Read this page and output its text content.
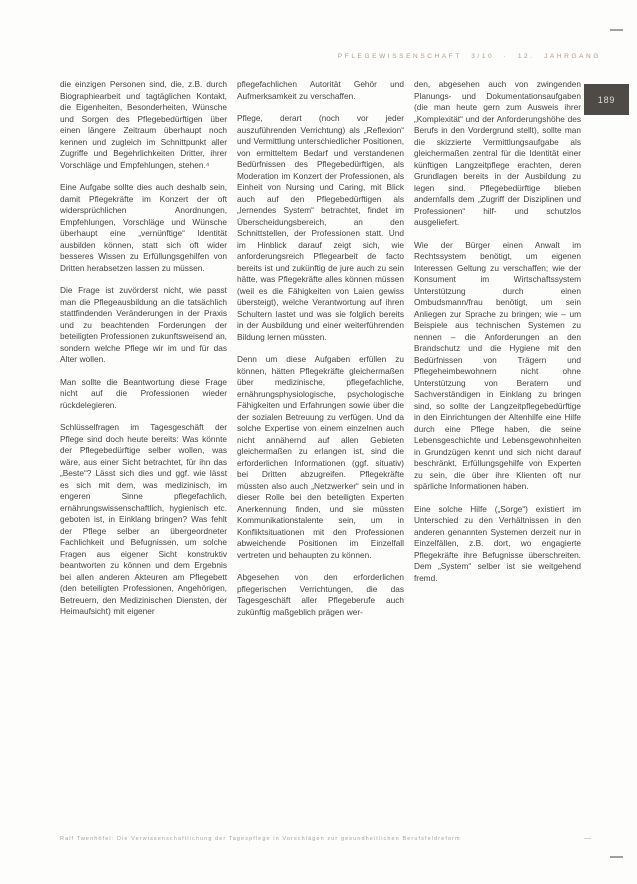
PFLEGEWISSENSCHAFT 3/10 · 12. JAHRGANG
189

die einzigen Personen sind, die, z.B. durch Biographiearbeit und tagtäglichen Kontakt, die Eigenheiten, Besonderheiten, Wünsche und Sorgen des Pflegebedürftigen über einen längere Zeitraum überhaupt noch kennen und zugleich im Schnittpunkt aller Zugriffe und Begehrlichkeiten Dritter, ihrer Vorschläge und Empfehlungen, stehen.⁴

Eine Aufgabe sollte dies auch deshalb sein, damit Pflegekräfte im Konzert der oft widersprüchlichen Anordnungen, Empfehlungen, Vorschläge und Wünsche überhaupt eine „vernünftige“ Identität ausbilden können, statt sich oft wider besseres Wissen zu Erfüllungsgehilfen von Dritten herabsetzen lassen zu müssen.

Die Frage ist zuvörderst nicht, wie passt man die Pflegeausbildung an die tatsächlich stattfindenden Veränderungen in der Praxis und zu beachtenden Forderungen der beteiligten Professionen zukunftsweisend an, sondern welche Pflege wir im und für das Alter wollen.

Man sollte die Beantwortung diese Frage nicht auf die Professionen wieder rückdelegieren.

Schlüsselfragen im Tagesgeschäft der Pflege sind doch heute bereits: Was könnte der Pflegebedürftige selber wollen, was wäre, aus einer Sicht betrachtet, für ihn das „Beste“? Lässt sich dies und ggf. wie lässt es sich mit dem, was medizinisch, im engeren Sinne pflegefachlich, ernährungswissenschaftlich, hygienisch etc. geboten ist, in Einklang bringen? Was fehlt der Pflege selber an übergeordneter Fachlichkeit und Befugnissen, um solche Fragen aus eigener Sicht konstruktiv beantworten zu können und dem Ergebnis bei allen anderen Akteuren am Pflegebett (den beteiligten Professionen, Angehörigen, Betreuern, den Medizinischen Diensten, der Heimaufsicht) mit eigener

pflegefachlichen Autorität Gehör und Aufmerksamkeit zu verschaffen.

Pflege, derart (noch vor jeder auszuführenden Verrichtung) als „Reflexion“ und Vermittlung unterschiedlicher Positionen, von ermitteltem Bedarf und verstandenen Bedürfnissen des Pflegebedürftigen, als Moderation im Konzert der Professionen, als Einheit von Nursing und Caring, mit Blick auch auf den Pflegebedürftigen als „lernendes System“ betrachtet, findet im Überscheidungsbereich, an den Schnittstellen, der Professionen statt. Und im Hinblick darauf zeigt sich, wie anforderungsreich Pflegearbeit de facto bereits ist und zukünftig de jure auch zu sein hätte, was Pflegekräfte alles können müssen (weil es die Fähigkeiten von Laien gewiss übersteigt), welche Verantwortung auf ihren Schultern lastet und was sie folglich bereits in der Ausbildung und einer weiterführenden Bildung lernen müssten.

Denn um diese Aufgaben erfüllen zu können, hätten Pflegekräfte gleichermaßen über medizinische, pflegefachliche, ernährungsphysiologische, psychologische Fähigkeiten und Erfahrungen sowie über die der sozialen Betreuung zu verfügen. Und da solche Expertise von einem einzelnen auch nicht annähernd auf allen Gebieten gleichermaßen zu erlangen ist, sind die erforderlichen Informationen (ggf. situativ) bei Dritten abzugreifen. Pflegekräfte müssten also auch „Netzwerker“ sein und in dieser Rolle bei den beteiligten Experten Anerkennung finden, und sie müssten Kommunikationstalente sein, um in Konfliktsituationen mit den Professionen abweichende Positionen im Einzelfall vertreten und behaupten zu können.

Abgesehen von den erforderlichen pflegerischen Verrichtungen, die das Tagesgeschäft aller Pflegeberufe auch zukünftig maßgeblich prägen wer-

den, abgesehen auch von zwingenden Planungs- und Dokumentationsaufgaben (die man heute gern zum Ausweis ihrer „Komplexität“ und der Anforderungshöhe des Berufs in den Vordergrund stellt), sollte man die skizzierte Vermittlungsaufgabe als gleichermaßen zentral für die Identität einer künftigen Langzeitpflege erachten, deren Grundlagen bereits in der Ausbildung zu legen sind. Pflegebedürftige blieben andernfalls dem „Zugriff der Disziplinen und Professionen“ hilf- und schutzlos ausgeliefert.

Wie der Bürger einen Anwalt im Rechtssystem benötigt, um eigenen Interessen Geltung zu verschaffen; wie der Konsument im Wirtschaftssystem Unterstützung durch einen Ombudsmann/frau benötigt, um sein Anliegen zur Sprache zu bringen; wie – um Beispiele aus technischen Systemen zu nennen – die Anforderungen an den Brandschutz und die Hygiene mit den Bedürfnissen von Trägern und Pflegeheimbewohnern nicht ohne Unterstützung von Beratern und Sachverständigen in Einklang zu bringen sind, so sollte der Langzeitpflegebedürftige in den Einrichtungen der Altenhilfe eine Hilfe durch eine Pflege haben, die seine Lebensgeschichte und Lebensgewohnheiten in Grundzügen kennt und sich nicht darauf beschränkt, Erfüllungsgehilfe von Experten zu sein, die über ihre Klienten oft nur spärliche Informationen haben.

Eine solche Hilfe („Sorge“) existiert im Unterschied zu den Verhältnissen in den anderen genannten Systemen derzeit nur in Einzelfällen, z.B. dort, wo engagierte Pflegekräfte ihre Befugnisse überschreiten. Dem „System“ selber ist sie weitgehend fremd.

Ralf Twenhöfel: Die Verwissenschaftlichung der Tagespflege in Vorschlägen zur gesundheitlichen Berufsfeldreform	—
